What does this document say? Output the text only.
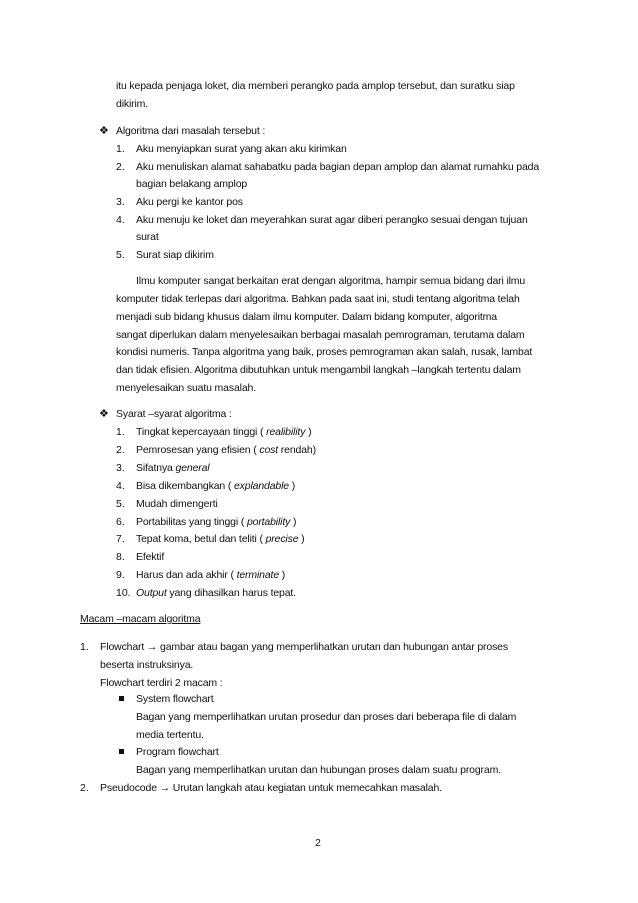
itu kepada penjaga loket, dia memberi perangko pada amplop tersebut, dan suratku siap
dikirim.
❖ Algoritma dari masalah tersebut :
1. Aku menyiapkan surat yang akan aku kirimkan
2. Aku menuliskan alamat sahabatku pada bagian depan amplop dan alamat rumahku pada
bagian belakang amplop
3. Aku pergi ke kantor pos
4. Aku menuju ke loket dan meyerahkan surat agar diberi perangko sesuai dengan tujuan
surat
5. Surat siap dikirim
Ilmu komputer sangat berkaitan erat dengan algoritma, hampir semua bidang dari ilmu
komputer tidak terlepas dari algoritma. Bahkan pada saat ini, studi tentang algoritma telah
menjadi sub bidang khusus dalam ilmu komputer. Dalam bidang komputer, algoritma
sangat diperlukan dalam menyelesaikan berbagai masalah pemrograman, terutama dalam
kondisi numeris. Tanpa algoritma yang baik, proses pemrograman akan salah, rusak, lambat
dan tidak efisien. Algoritma dibutuhkan untuk mengambil langkah –langkah tertentu dalam
menyelesaikan suatu masalah.
❖ Syarat –syarat algoritma :
1. Tingkat kepercayaan tinggi ( realibility )
2. Pemrosesan yang efisien ( cost rendah)
3. Sifatnya general
4. Bisa dikembangkan ( explandable )
5. Mudah dimengerti
6. Portabilitas yang tinggi ( portability )
7. Tepat koma, betul dan teliti ( precise )
8. Efektif
9. Harus dan ada akhir ( terminate )
10. Output yang dihasilkan harus tepat.
Macam –macam algoritma
1. Flowchart → gambar atau bagan yang memperlihatkan urutan dan hubungan antar proses
beserta instruksinya.
Flowchart terdiri 2 macam :
System flowchart
Bagan yang memperlihatkan urutan prosedur dan proses dari beberapa file di dalam
media tertentu.
Program flowchart
Bagan yang memperlihatkan urutan dan hubungan proses dalam suatu program.
2. Pseudocode → Urutan langkah atau kegiatan untuk memecahkan masalah.
2
